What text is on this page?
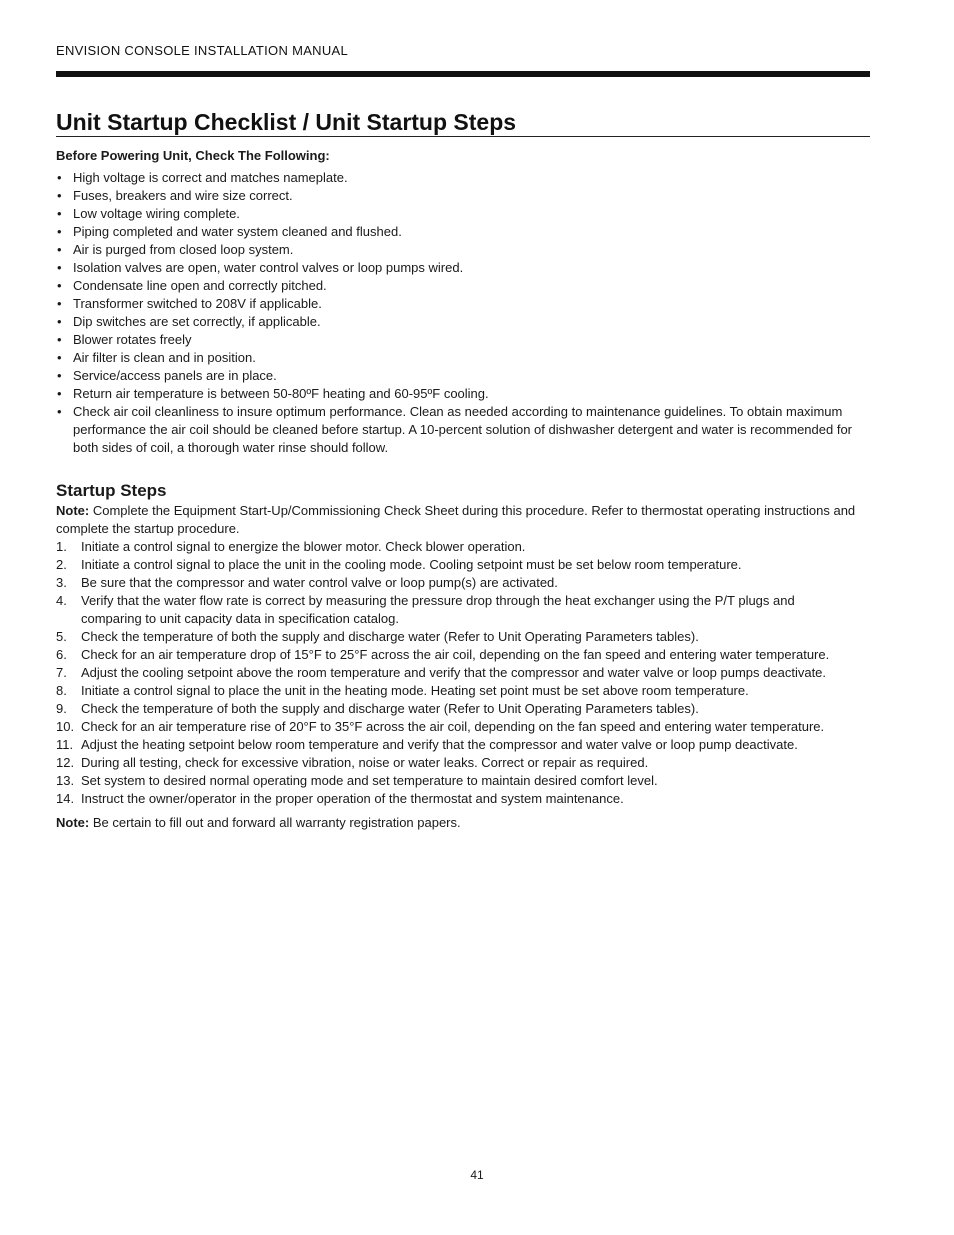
ENVISION CONSOLE INSTALLATION MANUAL
Unit Startup Checklist / Unit Startup Steps
Before Powering Unit, Check The Following:
• High voltage is correct and matches nameplate.
• Fuses, breakers and wire size correct.
• Low voltage wiring complete.
• Piping completed and water system cleaned and flushed.
• Air is purged from closed loop system.
• Isolation valves are open, water control valves or loop pumps wired.
• Condensate line open and correctly pitched.
• Transformer switched to 208V if applicable.
• Dip switches are set correctly, if applicable.
• Blower rotates freely
• Air filter is clean and in position.
• Service/access panels are in place.
• Return air temperature is between 50-80ºF heating and 60-95ºF cooling.
• Check air coil cleanliness to insure optimum performance. Clean as needed according to maintenance guidelines. To obtain maximum performance the air coil should be cleaned before startup. A 10-percent solution of dishwasher detergent and water is recommended for both sides of coil, a thorough water rinse should follow.
Startup Steps
Note: Complete the Equipment Start-Up/Commissioning Check Sheet during this procedure. Refer to thermostat operating instructions and complete the startup procedure.
1. Initiate a control signal to energize the blower motor. Check blower operation.
2. Initiate a control signal to place the unit in the cooling mode. Cooling setpoint must be set below room temperature.
3. Be sure that the compressor and water control valve or loop pump(s) are activated.
4. Verify that the water flow rate is correct by measuring the pressure drop through the heat exchanger using the P/T plugs and comparing to unit capacity data in specification catalog.
5. Check the temperature of both the supply and discharge water (Refer to Unit Operating Parameters tables).
6. Check for an air temperature drop of 15°F to 25°F across the air coil, depending on the fan speed and entering water temperature.
7. Adjust the cooling setpoint above the room temperature and verify that the compressor and water valve or loop pumps deactivate.
8. Initiate a control signal to place the unit in the heating mode. Heating set point must be set above room temperature.
9. Check the temperature of both the supply and discharge water (Refer to Unit Operating Parameters tables).
10. Check for an air temperature rise of 20°F to 35°F across the air coil, depending on the fan speed and entering water temperature.
11. Adjust the heating setpoint below room temperature and verify that the compressor and water valve or loop pump deactivate.
12. During all testing, check for excessive vibration, noise or water leaks. Correct or repair as required.
13. Set system to desired normal operating mode and set temperature to maintain desired comfort level.
14. Instruct the owner/operator in the proper operation of the thermostat and system maintenance.
Note: Be certain to fill out and forward all warranty registration papers.
41
